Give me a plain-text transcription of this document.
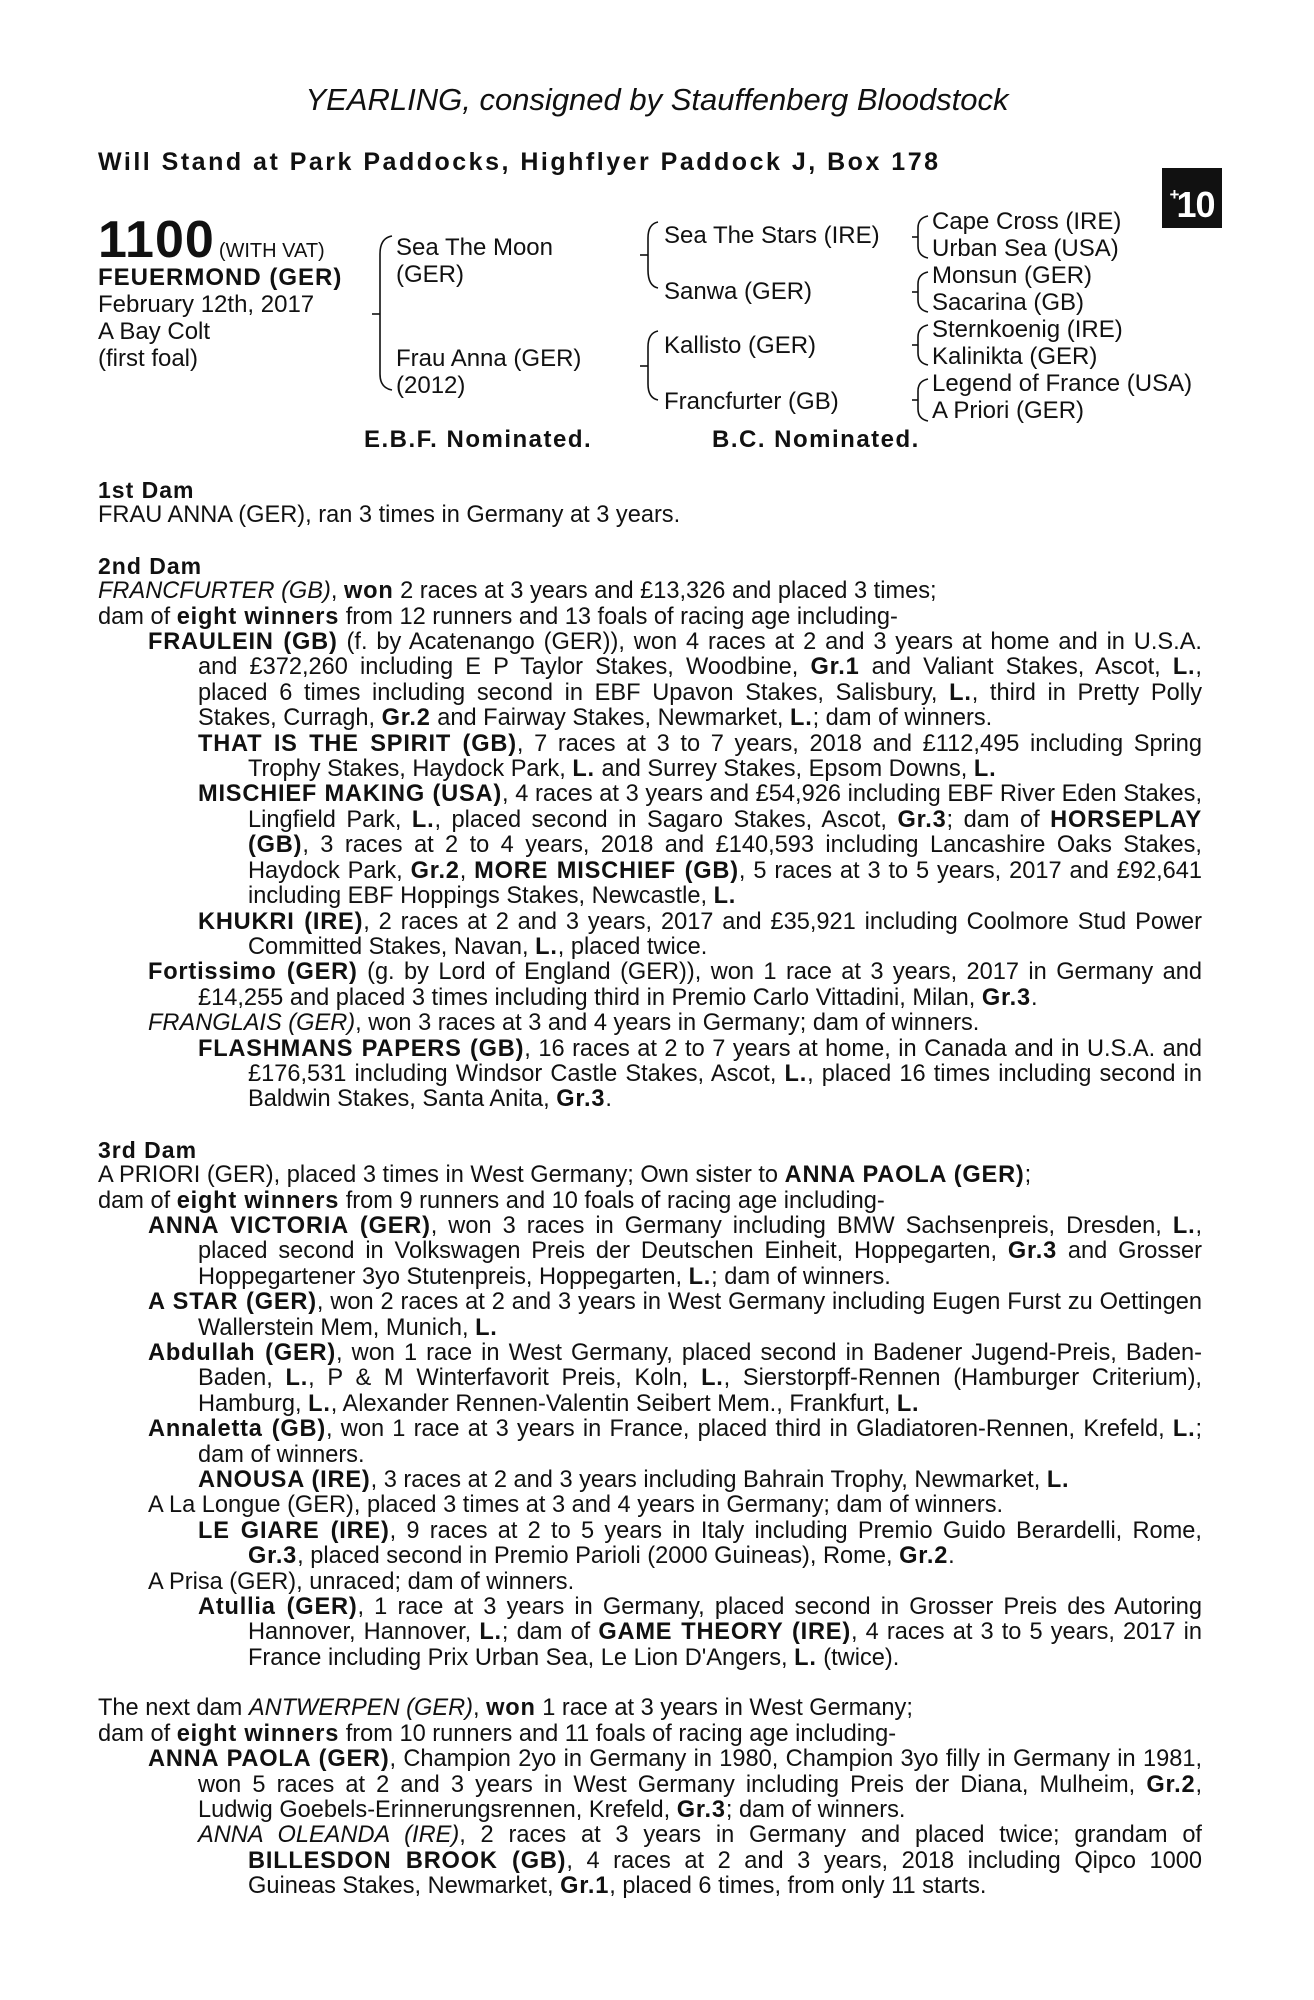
YEARLING, consigned by Stauffenberg Bloodstock
Will Stand at Park Paddocks, Highflyer Paddock J, Box 178
+10
1100 (WITH VAT)
FEUERMOND (GER)
February 12th, 2017
A Bay Colt
(first foal)
Sea The Moon
(GER)
Frau Anna (GER)
(2012)
Sea The Stars (IRE)
Sanwa (GER)
Kallisto (GER)
Francfurter (GB)
Cape Cross (IRE)
Urban Sea (USA)
Monsun (GER)
Sacarina (GB)
Sternkoenig (IRE)
Kalinikta (GER)
Legend of France (USA)
A Priori (GER)
E.B.F. Nominated.	B.C. Nominated.

1st Dam

FRAU ANNA (GER), ran 3 times in Germany at 3 years.

2nd Dam

FRANCFURTER (GB), won 2 races at 3 years and £13,326 and placed 3 times;

dam of eight winners from 12 runners and 13 foals of racing age including-

FRAULEIN (GB) (f. by Acatenango (GER)), won 4 races at 2 and 3 years at home and in U.S.A. and £372,260 including E P Taylor Stakes, Woodbine, Gr.1 and Valiant Stakes, Ascot, L., placed 6 times including second in EBF Upavon Stakes, Salisbury, L., third in Pretty Polly Stakes, Curragh, Gr.2 and Fairway Stakes, Newmarket, L.; dam of winners.

THAT IS THE SPIRIT (GB), 7 races at 3 to 7 years, 2018 and £112,495 including Spring Trophy Stakes, Haydock Park, L. and Surrey Stakes, Epsom Downs, L.

MISCHIEF MAKING (USA), 4 races at 3 years and £54,926 including EBF River Eden Stakes, Lingfield Park, L., placed second in Sagaro Stakes, Ascot, Gr.3; dam of HORSEPLAY (GB), 3 races at 2 to 4 years, 2018 and £140,593 including Lancashire Oaks Stakes, Haydock Park, Gr.2, MORE MISCHIEF (GB), 5 races at 3 to 5 years, 2017 and £92,641 including EBF Hoppings Stakes, Newcastle, L.

KHUKRI (IRE), 2 races at 2 and 3 years, 2017 and £35,921 including Coolmore Stud Power Committed Stakes, Navan, L., placed twice.

Fortissimo (GER) (g. by Lord of England (GER)), won 1 race at 3 years, 2017 in Germany and £14,255 and placed 3 times including third in Premio Carlo Vittadini, Milan, Gr.3.

FRANGLAIS (GER), won 3 races at 3 and 4 years in Germany; dam of winners.

FLASHMANS PAPERS (GB), 16 races at 2 to 7 years at home, in Canada and in U.S.A. and £176,531 including Windsor Castle Stakes, Ascot, L., placed 16 times including second in Baldwin Stakes, Santa Anita, Gr.3.

3rd Dam

A PRIORI (GER), placed 3 times in West Germany; Own sister to ANNA PAOLA (GER);

dam of eight winners from 9 runners and 10 foals of racing age including-

ANNA VICTORIA (GER), won 3 races in Germany including BMW Sachsenpreis, Dresden, L., placed second in Volkswagen Preis der Deutschen Einheit, Hoppegarten, Gr.3 and Grosser Hoppegartener 3yo Stutenpreis, Hoppegarten, L.; dam of winners.

A STAR (GER), won 2 races at 2 and 3 years in West Germany including Eugen Furst zu Oettingen Wallerstein Mem, Munich, L.

Abdullah (GER), won 1 race in West Germany, placed second in Badener Jugend-Preis, Baden-Baden, L., P & M Winterfavorit Preis, Koln, L., Sierstorpff-Rennen (Hamburger Criterium), Hamburg, L., Alexander Rennen-Valentin Seibert Mem., Frankfurt, L.

Annaletta (GB), won 1 race at 3 years in France, placed third in Gladiatoren-Rennen, Krefeld, L.; dam of winners.

ANOUSA (IRE), 3 races at 2 and 3 years including Bahrain Trophy, Newmarket, L.

A La Longue (GER), placed 3 times at 3 and 4 years in Germany; dam of winners.

LE GIARE (IRE), 9 races at 2 to 5 years in Italy including Premio Guido Berardelli, Rome, Gr.3, placed second in Premio Parioli (2000 Guineas), Rome, Gr.2.

A Prisa (GER), unraced; dam of winners.

Atullia (GER), 1 race at 3 years in Germany, placed second in Grosser Preis des Autoring Hannover, Hannover, L.; dam of GAME THEORY (IRE), 4 races at 3 to 5 years, 2017 in France including Prix Urban Sea, Le Lion D'Angers, L. (twice).

The next dam ANTWERPEN (GER), won 1 race at 3 years in West Germany;

dam of eight winners from 10 runners and 11 foals of racing age including-

ANNA PAOLA (GER), Champion 2yo in Germany in 1980, Champion 3yo filly in Germany in 1981, won 5 races at 2 and 3 years in West Germany including Preis der Diana, Mulheim, Gr.2, Ludwig Goebels-Erinnerungsrennen, Krefeld, Gr.3; dam of winners.

ANNA OLEANDA (IRE), 2 races at 3 years in Germany and placed twice; grandam of BILLESDON BROOK (GB), 4 races at 2 and 3 years, 2018 including Qipco 1000 Guineas Stakes, Newmarket, Gr.1, placed 6 times, from only 11 starts.
